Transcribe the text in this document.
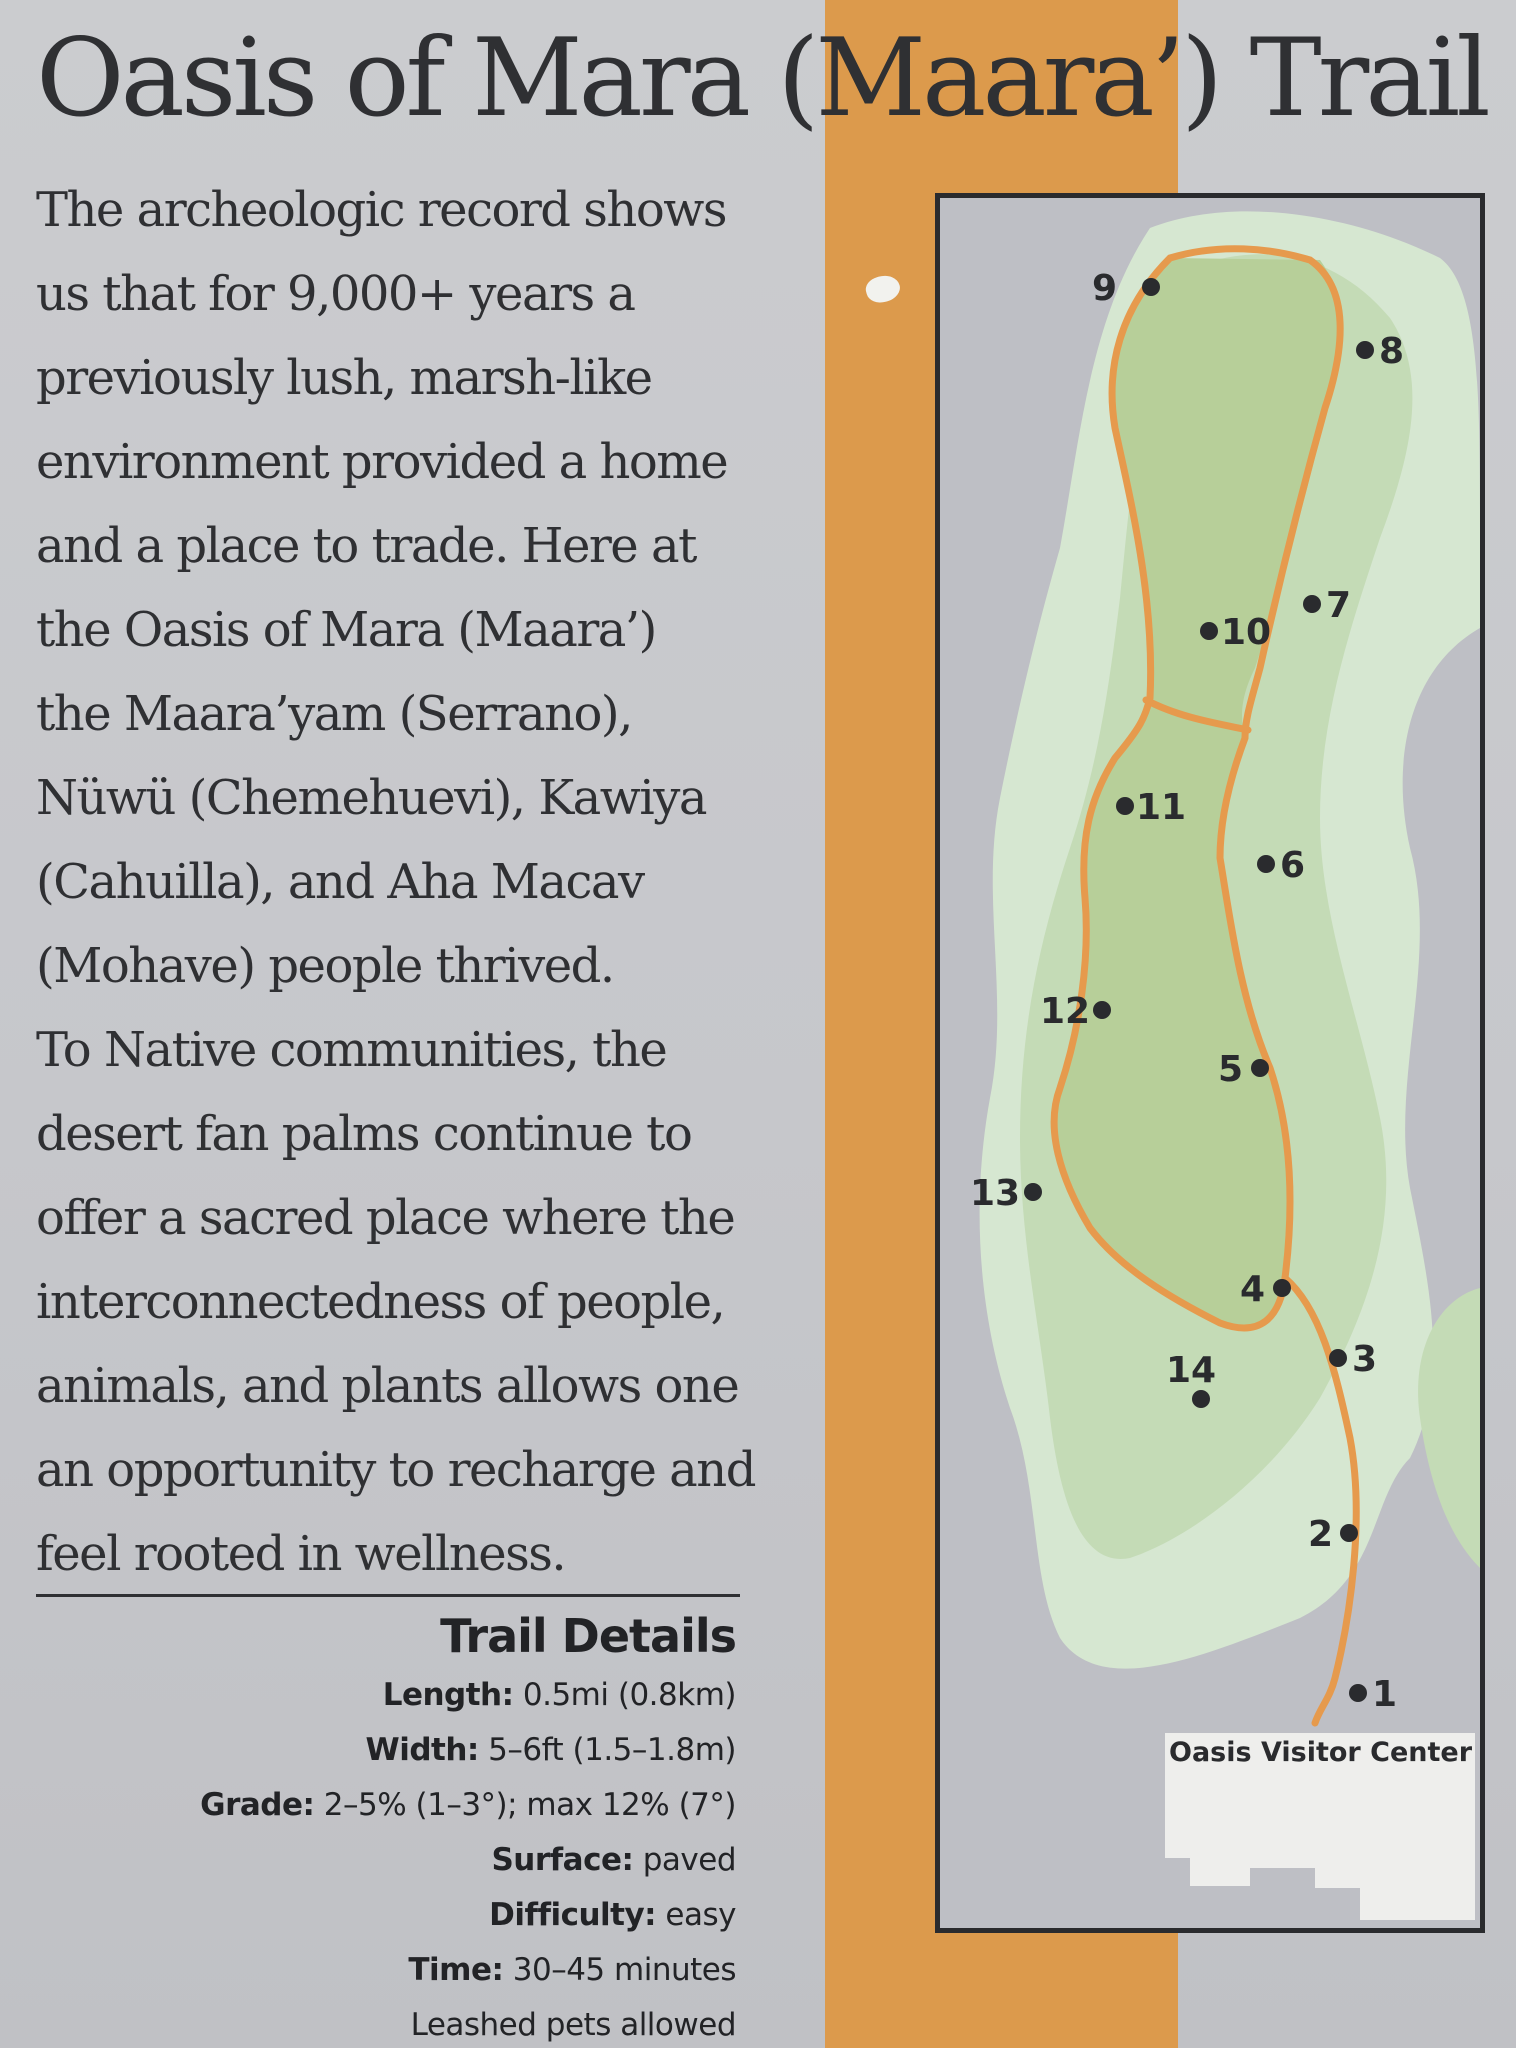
Oasis of Mara (Maara’) Trail

The archeologic record shows
us that for 9,000+ years a
previously lush, marsh-like
environment provided a home
and a place to trade. Here at
the Oasis of Mara (Maara’)
the Maara’yam (Serrano),
Nüwü (Chemehuevi), Kawiya
(Cahuilla), and Aha Macav
(Mohave) people thrived.
To Native communities, the
desert fan palms continue to
offer a sacred place where the
interconnectedness of people,
animals, and plants allows one
an opportunity to recharge and
feel rooted in wellness.

Trail Details
Length: 0.5mi (0.8km)
Width: 5–6ft (1.5–1.8m)
Grade: 2–5% (1–3°); max 12% (7°)
Surface: paved
Difficulty: easy
Time: 30–45 minutes
Leashed pets allowed
1
2
3
4
5
6
7
8
9
10
11
12
13
14
Oasis Visitor Center
